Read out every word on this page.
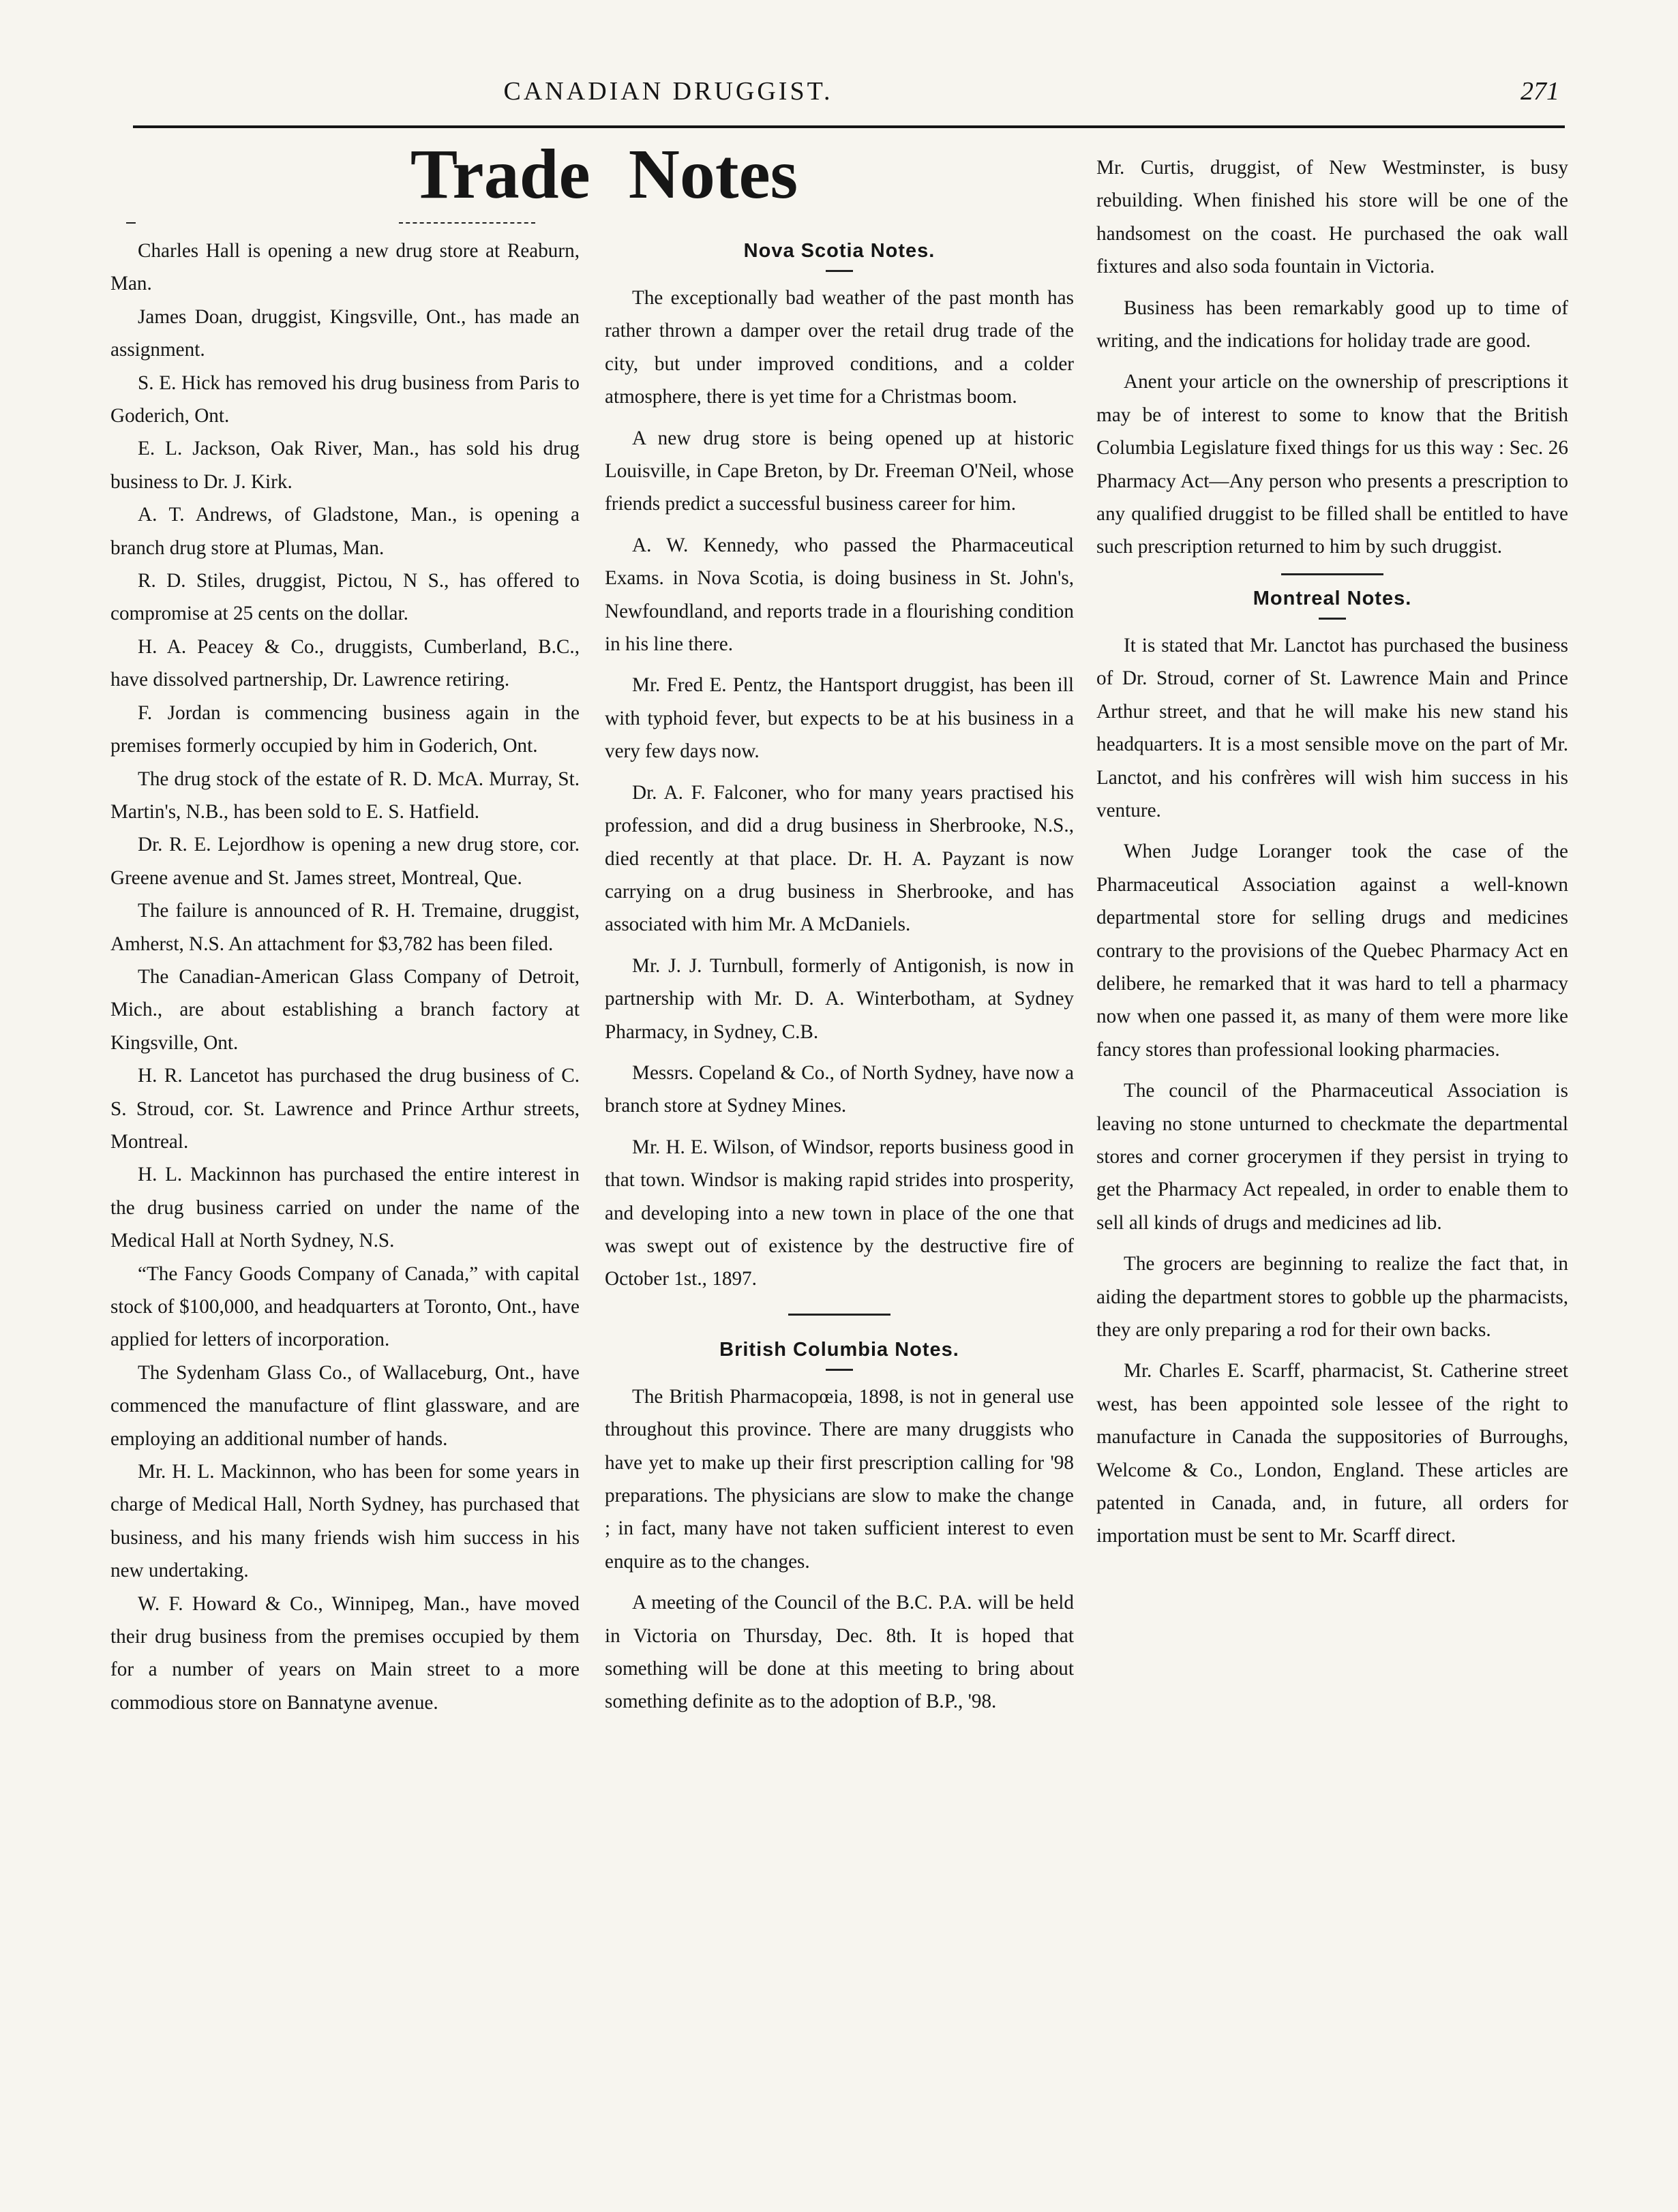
CANADIAN DRUGGIST.	271
Trade Notes

Charles Hall is opening a new drug store at Reaburn, Man.

James Doan, druggist, Kingsville, Ont., has made an assignment.

S. E. Hick has removed his drug business from Paris to Goderich, Ont.

E. L. Jackson, Oak River, Man., has sold his drug business to Dr. J. Kirk.

A. T. Andrews, of Gladstone, Man., is opening a branch drug store at Plumas, Man.

R. D. Stiles, druggist, Pictou, N S., has offered to compromise at 25 cents on the dollar.

H. A. Peacey & Co., druggists, Cumberland, B.C., have dissolved partnership, Dr. Lawrence retiring.

F. Jordan is commencing business again in the premises formerly occupied by him in Goderich, Ont.

The drug stock of the estate of R. D. McA. Murray, St. Martin's, N.B., has been sold to E. S. Hatfield.

Dr. R. E. Lejordhow is opening a new drug store, cor. Greene avenue and St. James street, Montreal, Que.

The failure is announced of R. H. Tremaine, druggist, Amherst, N.S. An attachment for $3,782 has been filed.

The Canadian-American Glass Company of Detroit, Mich., are about establishing a branch factory at Kingsville, Ont.

H. R. Lancetot has purchased the drug business of C. S. Stroud, cor. St. Lawrence and Prince Arthur streets, Montreal.

H. L. Mackinnon has purchased the entire interest in the drug business carried on under the name of the Medical Hall at North Sydney, N.S.

“The Fancy Goods Company of Canada,” with capital stock of $100,000, and headquarters at Toronto, Ont., have applied for letters of incorporation.

The Sydenham Glass Co., of Wallaceburg, Ont., have commenced the manufacture of flint glassware, and are employing an additional number of hands.

Mr. H. L. Mackinnon, who has been for some years in charge of Medical Hall, North Sydney, has purchased that business, and his many friends wish him success in his new undertaking.

W. F. Howard & Co., Winnipeg, Man., have moved their drug business from the premises occupied by them for a number of years on Main street to a more commodious store on Bannatyne avenue.

Nova Scotia Notes.

The exceptionally bad weather of the past month has rather thrown a damper over the retail drug trade of the city, but under improved conditions, and a colder atmosphere, there is yet time for a Christmas boom.

A new drug store is being opened up at historic Louisville, in Cape Breton, by Dr. Freeman O'Neil, whose friends predict a successful business career for him.

A. W. Kennedy, who passed the Pharmaceutical Exams. in Nova Scotia, is doing business in St. John's, Newfoundland, and reports trade in a flourishing condition in his line there.

Mr. Fred E. Pentz, the Hantsport druggist, has been ill with typhoid fever, but expects to be at his business in a very few days now.

Dr. A. F. Falconer, who for many years practised his profession, and did a drug business in Sherbrooke, N.S., died recently at that place. Dr. H. A. Payzant is now carrying on a drug business in Sherbrooke, and has associated with him Mr. A McDaniels.

Mr. J. J. Turnbull, formerly of Antigonish, is now in partnership with Mr. D. A. Winterbotham, at Sydney Pharmacy, in Sydney, C.B.

Messrs. Copeland & Co., of North Sydney, have now a branch store at Sydney Mines.

Mr. H. E. Wilson, of Windsor, reports business good in that town. Windsor is making rapid strides into prosperity, and developing into a new town in place of the one that was swept out of existence by the destructive fire of October 1st., 1897.

British Columbia Notes.

The British Pharmacopœia, 1898, is not in general use throughout this province. There are many druggists who have yet to make up their first prescription calling for '98 preparations. The physicians are slow to make the change ; in fact, many have not taken sufficient interest to even enquire as to the changes.

A meeting of the Council of the B.C. P.A. will be held in Victoria on Thursday, Dec. 8th. It is hoped that something will be done at this meeting to bring about something definite as to the adoption of B.P., '98.

Mr. Curtis, druggist, of New Westminster, is busy rebuilding. When finished his store will be one of the handsomest on the coast. He purchased the oak wall fixtures and also soda fountain in Victoria.

Business has been remarkably good up to time of writing, and the indications for holiday trade are good.

Anent your article on the ownership of prescriptions it may be of interest to some to know that the British Columbia Legislature fixed things for us this way : Sec. 26 Pharmacy Act—Any person who presents a prescription to any qualified druggist to be filled shall be entitled to have such prescription returned to him by such druggist.

Montreal Notes.

It is stated that Mr. Lanctot has purchased the business of Dr. Stroud, corner of St. Lawrence Main and Prince Arthur street, and that he will make his new stand his headquarters. It is a most sensible move on the part of Mr. Lanctot, and his confrères will wish him success in his venture.

When Judge Loranger took the case of the Pharmaceutical Association against a well-known departmental store for selling drugs and medicines contrary to the provisions of the Quebec Pharmacy Act en delibere, he remarked that it was hard to tell a pharmacy now when one passed it, as many of them were more like fancy stores than professional looking pharmacies.

The council of the Pharmaceutical Association is leaving no stone unturned to checkmate the departmental stores and corner grocerymen if they persist in trying to get the Pharmacy Act repealed, in order to enable them to sell all kinds of drugs and medicines ad lib.

The grocers are beginning to realize the fact that, in aiding the department stores to gobble up the pharmacists, they are only preparing a rod for their own backs.

Mr. Charles E. Scarff, pharmacist, St. Catherine street west, has been appointed sole lessee of the right to manufacture in Canada the suppositories of Burroughs, Welcome & Co., London, England. These articles are patented in Canada, and, in future, all orders for importation must be sent to Mr. Scarff direct.
